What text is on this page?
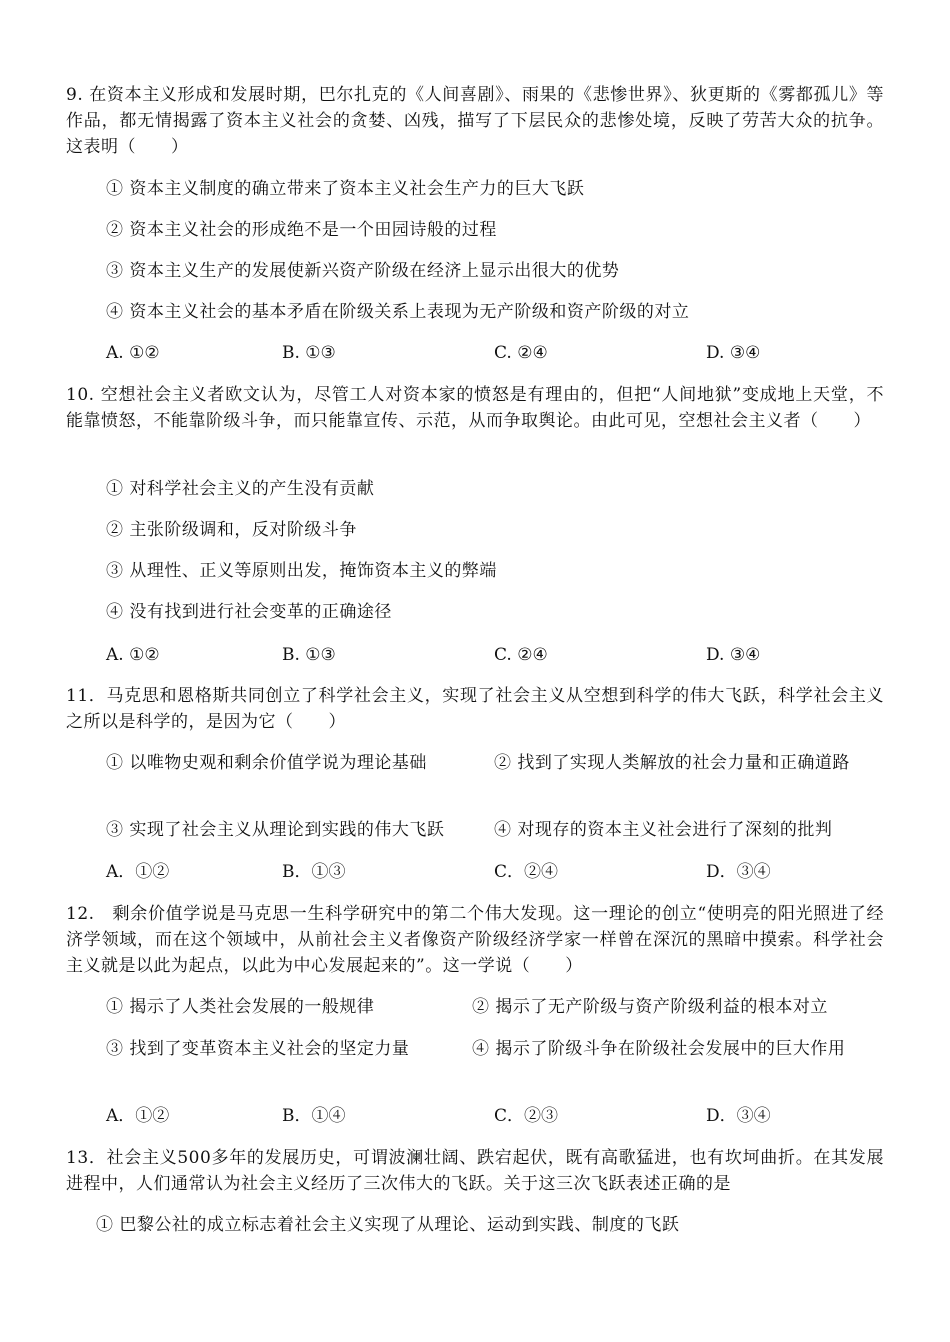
9. 在资本主义形成和发展时期，巴尔扎克的《人间喜剧》、雨果的《悲惨世界》、狄更斯的《雾都孤儿》等作品，都无情揭露了资本主义社会的贪婪、凶残，描写了下层民众的悲惨处境，反映了劳苦大众的抗争。这表明（　　）
① 资本主义制度的确立带来了资本主义社会生产力的巨大飞跃
② 资本主义社会的形成绝不是一个田园诗般的过程
③ 资本主义生产的发展使新兴资产阶级在经济上显示出很大的优势
④ 资本主义社会的基本矛盾在阶级关系上表现为无产阶级和资产阶级的对立
A. ①②	B. ①③	C. ②④	D. ③④
10. 空想社会主义者欧文认为，尽管工人对资本家的愤怒是有理由的，但把“人间地狱”变成地上天堂，不能靠愤怒，不能靠阶级斗争，而只能靠宣传、示范，从而争取舆论。由此可见，空想社会主义者（　　）
① 对科学社会主义的产生没有贡献
② 主张阶级调和，反对阶级斗争
③ 从理性、正义等原则出发，掩饰资本主义的弊端
④ 没有找到进行社会变革的正确途径
A. ①②	B. ①③	C. ②④	D. ③④
11．马克思和恩格斯共同创立了科学社会主义，实现了社会主义从空想到科学的伟大飞跃，科学社会主义之所以是科学的，是因为它（　　）
① 以唯物史观和剩余价值学说为理论基础	② 找到了实现人类解放的社会力量和正确道路
③ 实现了社会主义从理论到实践的伟大飞跃	④ 对现存的资本主义社会进行了深刻的批判
A．①②	B．①③	C．②④	D．③④
12.　剩余价值学说是马克思一生科学研究中的第二个伟大发现。这一理论的创立“使明亮的阳光照进了经济学领域，而在这个领域中，从前社会主义者像资产阶级经济学家一样曾在深沉的黑暗中摸索。科学社会主义就是以此为起点，以此为中心发展起来的”。这一学说（　　）
① 揭示了人类社会发展的一般规律	② 揭示了无产阶级与资产阶级利益的根本对立
③ 找到了变革资本主义社会的坚定力量	④ 揭示了阶级斗争在阶级社会发展中的巨大作用
A．①②	B．①④	C．②③	D．③④
13．社会主义500多年的发展历史，可谓波澜壮阔、跌宕起伏，既有高歌猛进，也有坎坷曲折。在其发展进程中，人们通常认为社会主义经历了三次伟大的飞跃。关于这三次飞跃表述正确的是
① 巴黎公社的成立标志着社会主义实现了从理论、运动到实践、制度的飞跃
